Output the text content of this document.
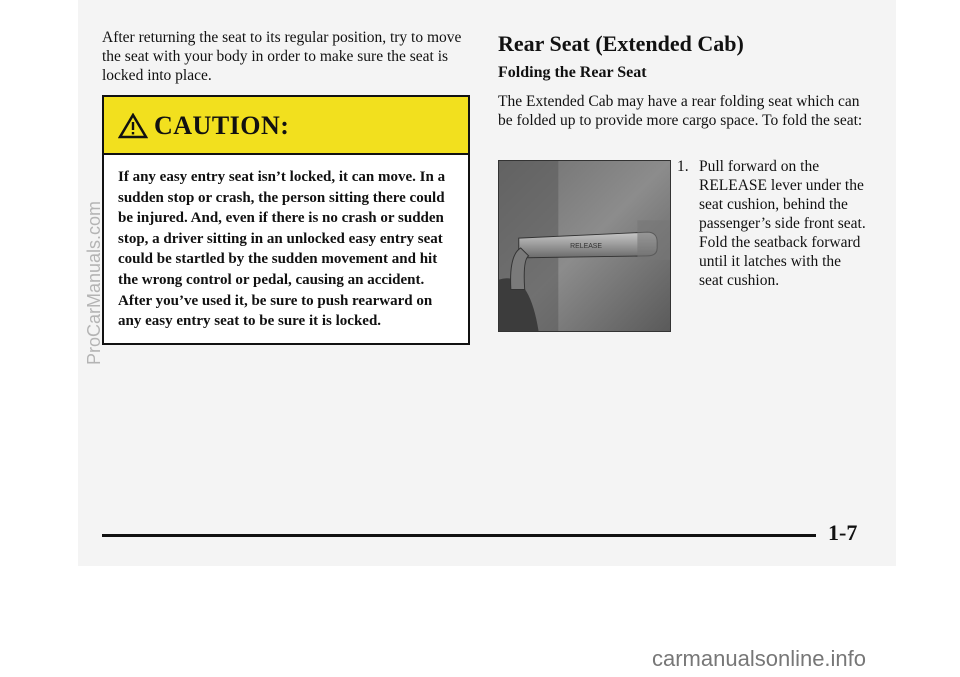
After returning the seat to its regular position, try to move the seat with your body in order to make sure the seat is locked into place.
CAUTION:
If any easy entry seat isn’t locked, it can move. In a sudden stop or crash, the person sitting there could be injured. And, even if there is no crash or sudden stop, a driver sitting in an unlocked easy entry seat could be startled by the sudden movement and hit the wrong control or pedal, causing an accident. After you’ve used it, be sure to push rearward on any easy entry seat to be sure it is locked.
Rear Seat (Extended Cab)
Folding the Rear Seat
The Extended Cab may have a rear folding seat which can be folded up to provide more cargo space. To fold the seat:
RELEASE
1. Pull forward on the RELEASE lever under the seat cushion, behind the passenger’s side front seat. Fold the seatback forward until it latches with the seat cushion.
1-7
ProCarManuals.com
carmanualsonline.info
